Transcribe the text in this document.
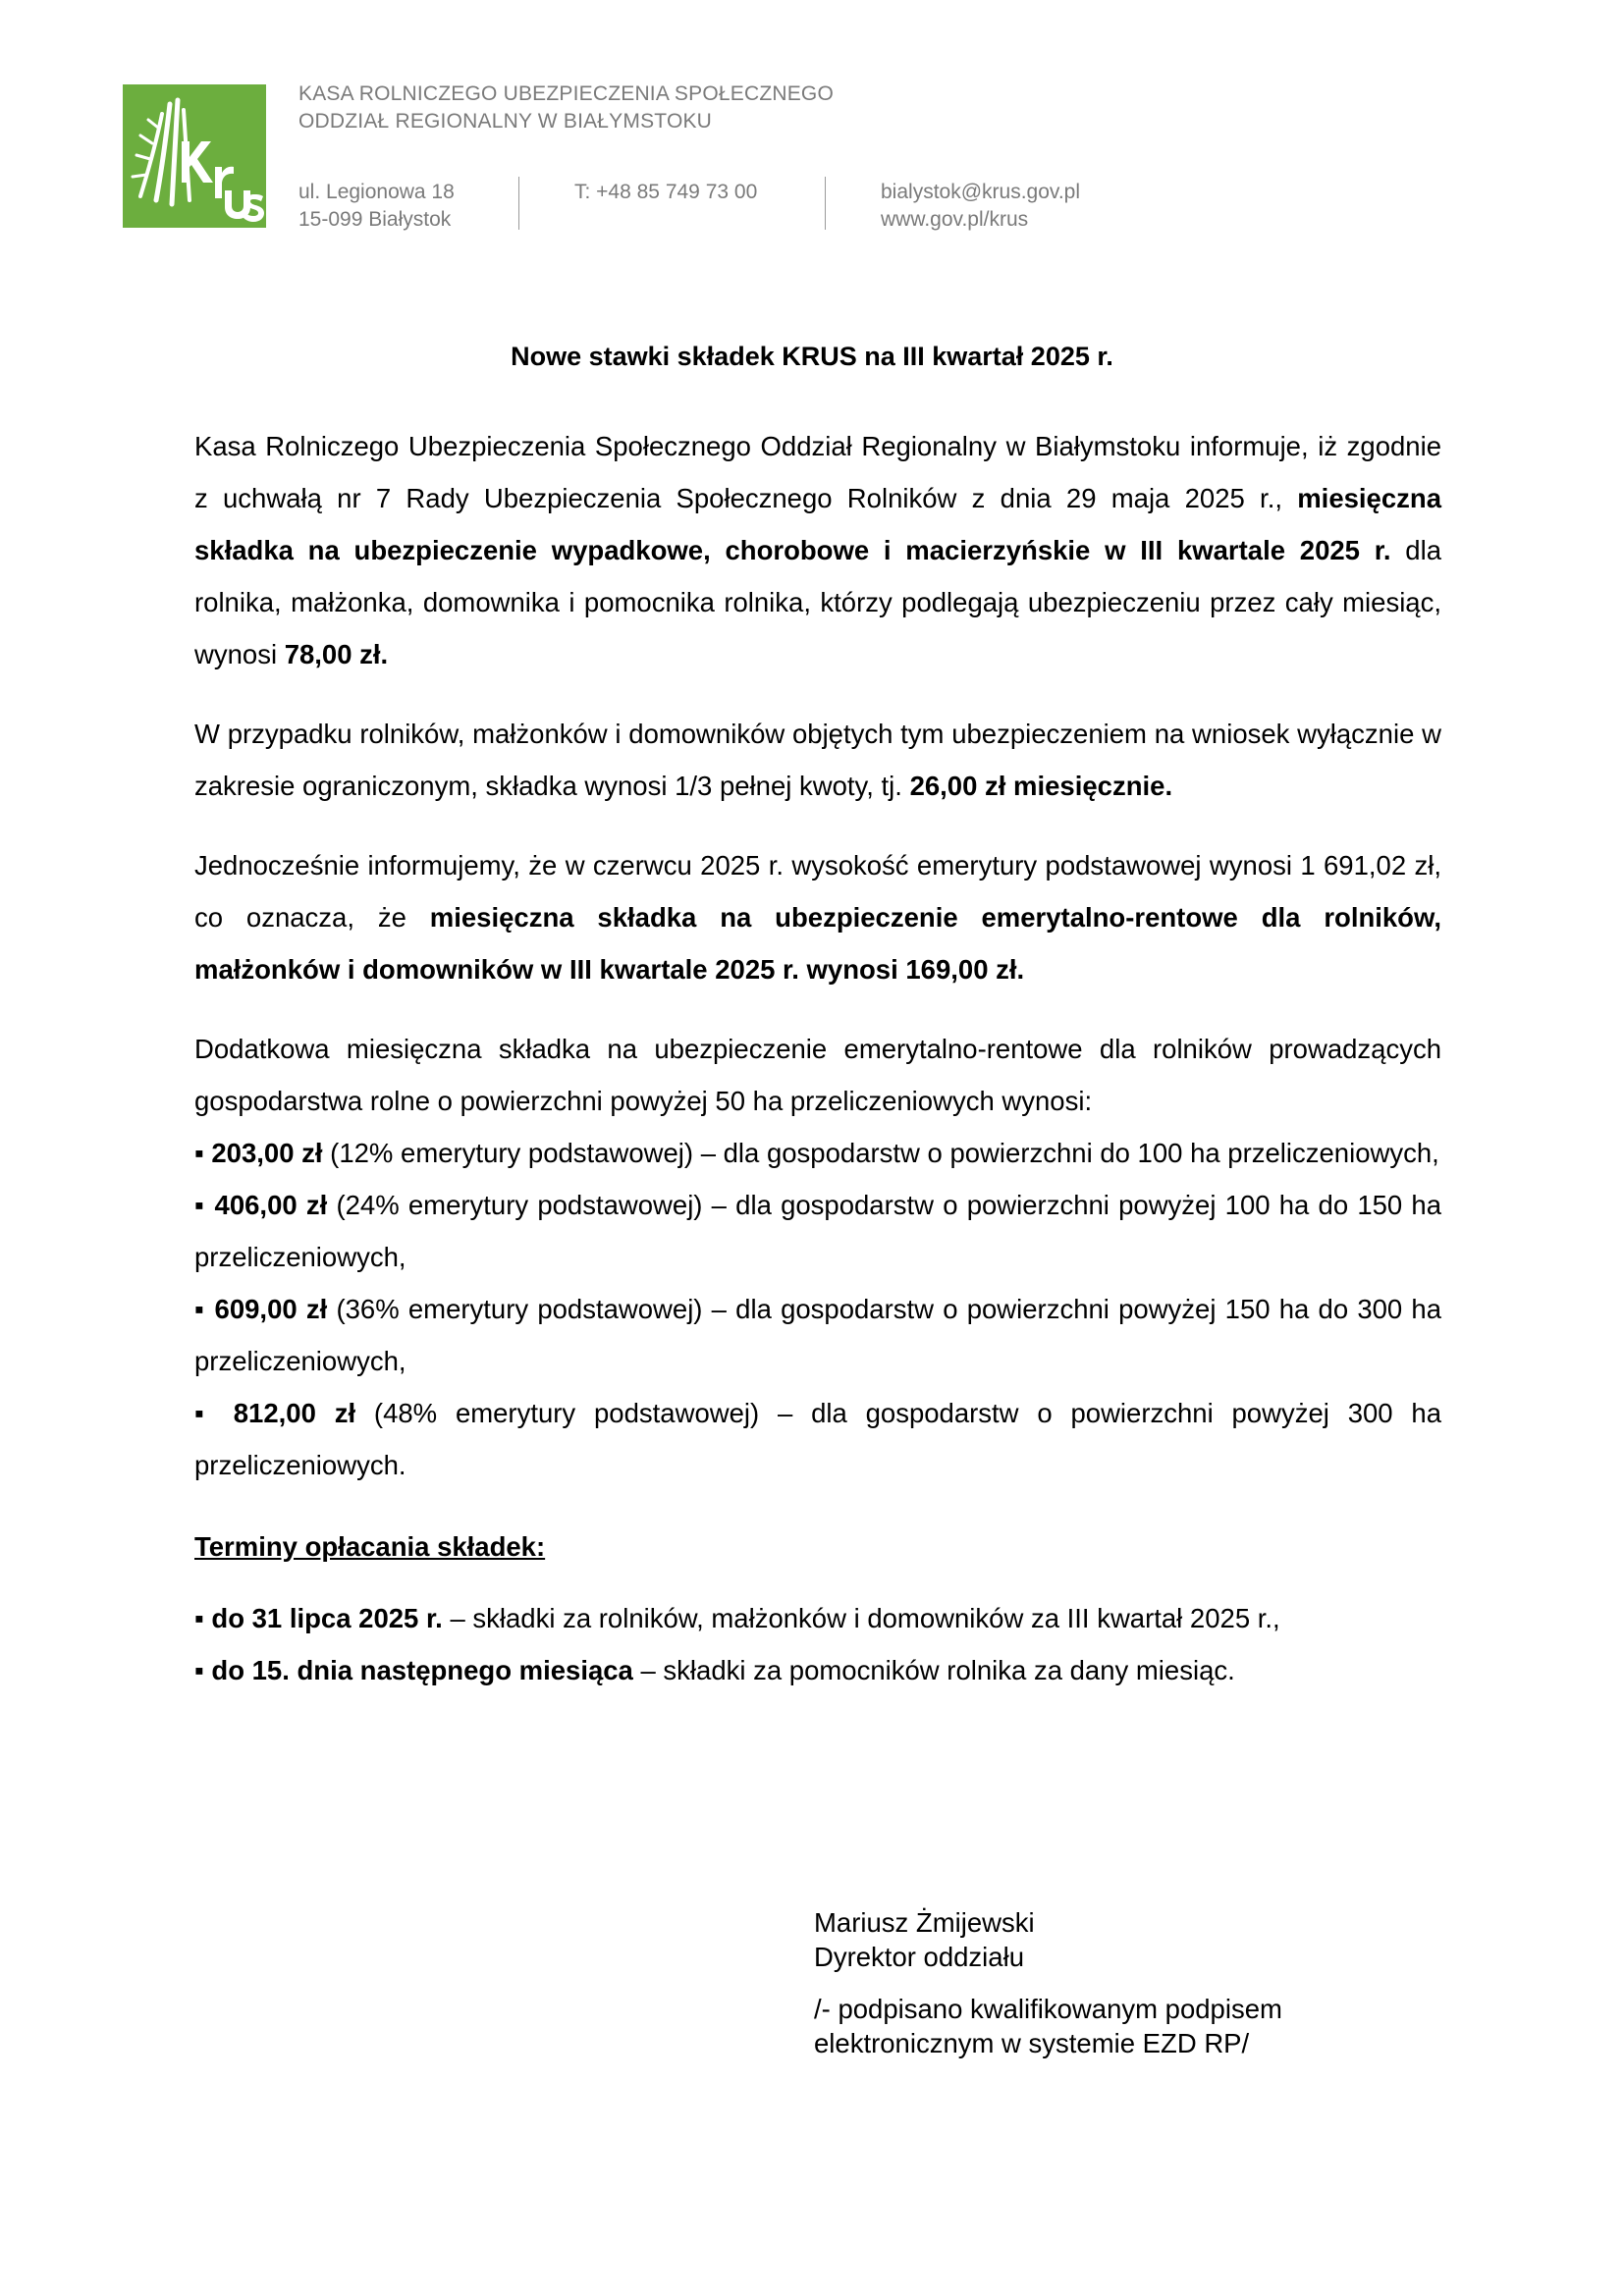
KASA ROLNICZEGO UBEZPIECZENIA SPOŁECZNEGO
ODDZIAŁ REGIONALNY W BIAŁYMSTOKU
ul. Legionowa 18
15-099 Białystok
T: +48 85 749 73 00	bialystok@krus.gov.pl
www.gov.pl/krus
Nowe stawki składek KRUS na III kwartał 2025 r.

Kasa Rolniczego Ubezpieczenia Społecznego Oddział Regionalny w Białymstoku informuje, iż zgodnie z uchwałą nr 7 Rady Ubezpieczenia Społecznego Rolników z dnia 29 maja 2025 r., miesięczna składka na ubezpieczenie wypadkowe, chorobowe i macierzyńskie w III kwartale 2025 r. dla rolnika, małżonka, domownika i pomocnika rolnika, którzy podlegają ubezpieczeniu przez cały miesiąc, wynosi 78,00 zł.

W przypadku rolników, małżonków i domowników objętych tym ubezpieczeniem na wniosek wyłącznie w zakresie ograniczonym, składka wynosi 1/3 pełnej kwoty, tj. 26,00 zł miesięcznie.

Jednocześnie informujemy, że w czerwcu 2025 r. wysokość emerytury podstawowej wynosi 1 691,02 zł, co oznacza, że miesięczna składka na ubezpieczenie emerytalno-rentowe dla rolników, małżonków i domowników w III kwartale 2025 r. wynosi 169,00 zł.

Dodatkowa miesięczna składka na ubezpieczenie emerytalno-rentowe dla rolników prowadzących gospodarstwa rolne o powierzchni powyżej 50 ha przeliczeniowych wynosi:

▪ 203,00 zł (12% emerytury podstawowej) – dla gospodarstw o powierzchni do 100 ha przeliczeniowych,

▪ 406,00 zł (24% emerytury podstawowej) – dla gospodarstw o powierzchni powyżej 100 ha do 150 ha przeliczeniowych,

▪ 609,00 zł (36% emerytury podstawowej) – dla gospodarstw o powierzchni powyżej 150 ha do 300 ha przeliczeniowych,

▪ 812,00 zł (48% emerytury podstawowej) – dla gospodarstw o powierzchni powyżej 300 ha przeliczeniowych.

Terminy opłacania składek:

▪ do 31 lipca 2025 r. – składki za rolników, małżonków i domowników za III kwartał 2025 r.,

▪ do 15. dnia następnego miesiąca – składki za pomocników rolnika za dany miesiąc.

Mariusz Żmijewski
Dyrektor oddziału
/- podpisano kwalifikowanym podpisem
elektronicznym w systemie EZD RP/
